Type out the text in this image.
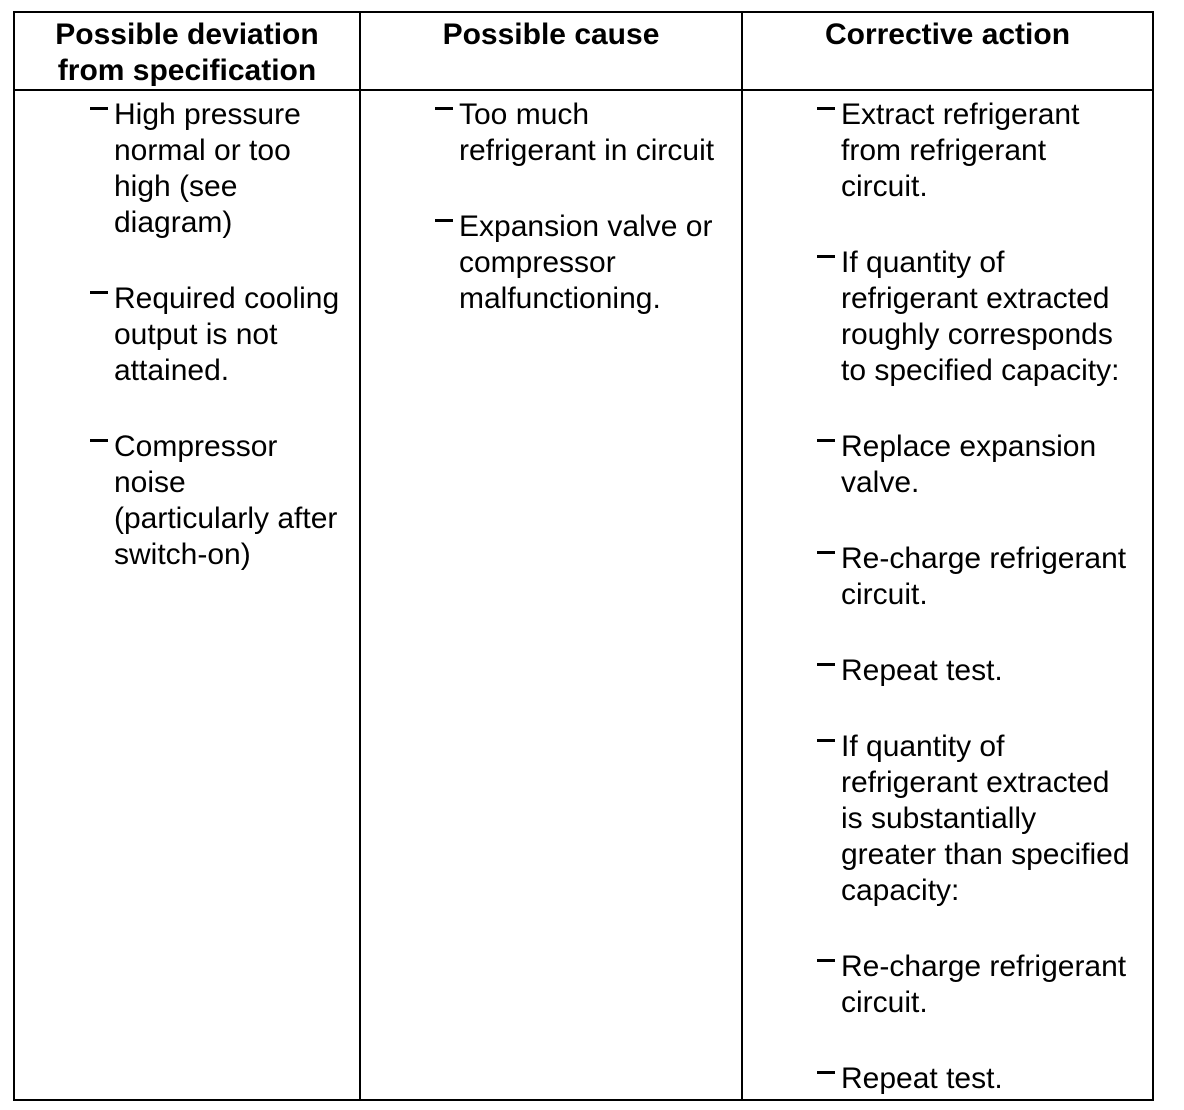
Possible deviation
from specification
Possible cause	Corrective action
High pressure
normal or too
high (see
diagram)
Required cooling
output is not
attained.
Compressor
noise
(particularly after
switch-on)
Too much
refrigerant in circuit
Expansion valve or
compressor
malfunctioning.
Extract refrigerant
from refrigerant
circuit.
If quantity of
refrigerant extracted
roughly corresponds
to specified capacity:
Replace expansion
valve.
Re-charge refrigerant
circuit.
Repeat test.
If quantity of
refrigerant extracted
is substantially
greater than specified
capacity:
Re-charge refrigerant
circuit.
Repeat test.
